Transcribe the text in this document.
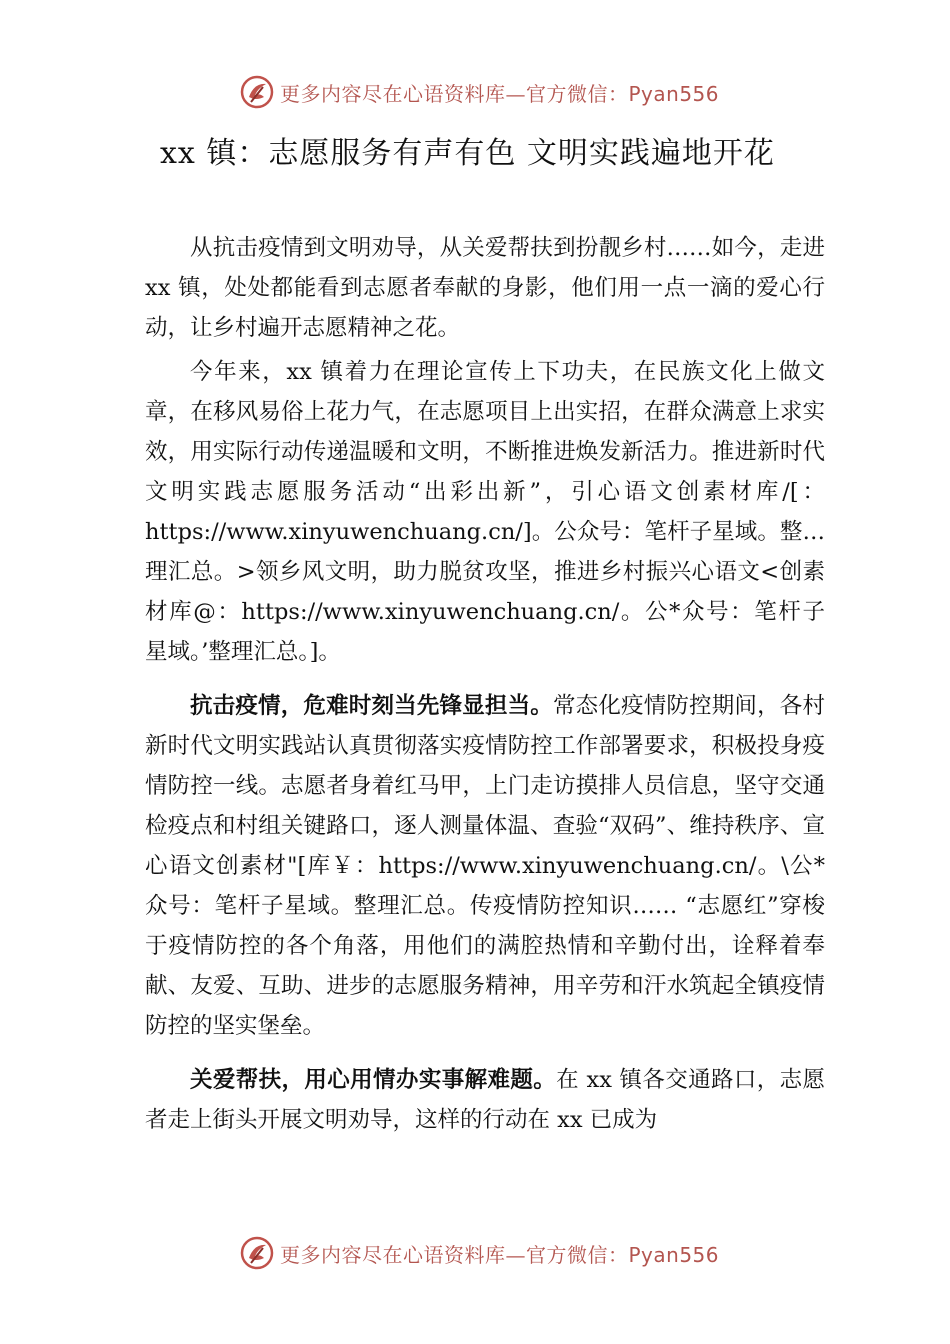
更多内容尽在心语资料库—官方微信：Pyan556
xx 镇：志愿服务有声有色 文明实践遍地开花

从抗击疫情到文明劝导，从关爱帮扶到扮靓乡村……如今，走进 xx 镇，处处都能看到志愿者奉献的身影，他们用一点一滴的爱心行动，让乡村遍开志愿精神之花。

今年来，xx 镇着力在理论宣传上下功夫，在民族文化上做文章，在移风易俗上花力气，在志愿项目上出实招，在群众满意上求实效，用实际行动传递温暖和文明，不断推进焕发新活力。推进新时代文明实践志愿服务活动“出彩出新”，引心语文创素材库/[：https://www.xinyuwenchuang.cn/]。公众号：笔杆子星域。整…理汇总。>领乡风文明，助力脱贫攻坚，推进乡村振兴心语文<创素材库@：https://www.xinyuwenchuang.cn/。公*众号：笔杆子星域。’整理汇总。]。

抗击疫情，危难时刻当先锋显担当。常态化疫情防控期间，各村新时代文明实践站认真贯彻落实疫情防控工作部署要求，积极投身疫情防控一线。志愿者身着红马甲，上门走访摸排人员信息，坚守交通检疫点和村组关键路口，逐人测量体温、查验“双码”、维持秩序、宣心语文创素材"[库￥：https://www.xinyuwenchuang.cn/。\公*众号：笔杆子星域。整理汇总。传疫情防控知识…… “志愿红”穿梭于疫情防控的各个角落，用他们的满腔热情和辛勤付出，诠释着奉献、友爱、互助、进步的志愿服务精神，用辛劳和汗水筑起全镇疫情防控的坚实堡垒。

关爱帮扶，用心用情办实事解难题。在 xx 镇各交通路口，志愿者走上街头开展文明劝导，这样的行动在 xx 已成为

更多内容尽在心语资料库—官方微信：Pyan556
